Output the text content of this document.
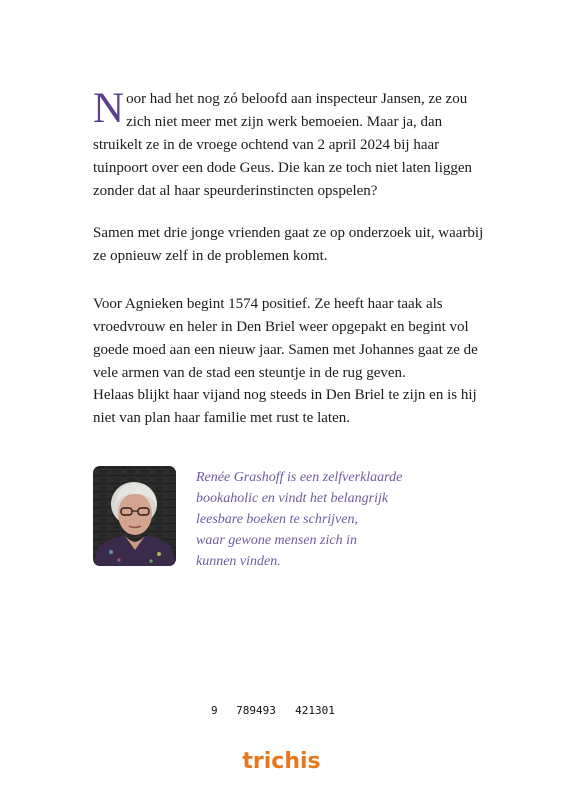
Noor had het nog zó beloofd aan inspecteur Jansen, ze zou zich niet meer met zijn werk bemoeien. Maar ja, dan struikelt ze in de vroege ochtend van 2 april 2024 bij haar tuinpoort over een dode Geus. Die kan ze toch niet laten liggen zonder dat al haar speurderinstincten opspelen?

Samen met drie jonge vrienden gaat ze op onderzoek uit, waarbij ze opnieuw zelf in de problemen komt.

Voor Agnieken begint 1574 positief. Ze heeft haar taak als vroedvrouw en heler in Den Briel weer opgepakt en begint vol goede moed aan een nieuw jaar. Samen met Johannes gaat ze de vele armen van de stad een steuntje in de rug geven.

Helaas blijkt haar vijand nog steeds in Den Briel te zijn en is hij niet van plan haar familie met rust te laten.

Renée Grashoff is een zelfverklaarde
bookaholic en vindt het belangrijk
leesbare boeken te schrijven,
waar gewone mensen zich in
kunnen vinden.

9 789493 421301
trichis
